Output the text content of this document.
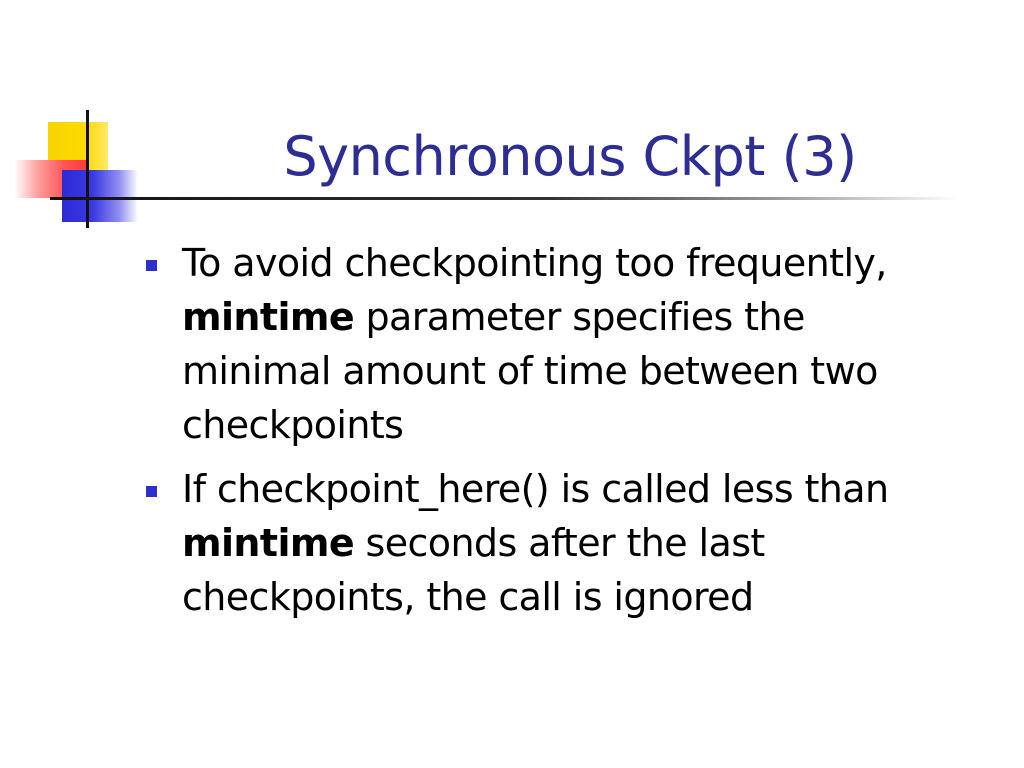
Synchronous Ckpt (3)
To avoid checkpointing too frequently,
mintime parameter specifies the
minimal amount of time between two
checkpoints
If checkpoint_here() is called less than
mintime seconds after the last
checkpoints, the call is ignored
